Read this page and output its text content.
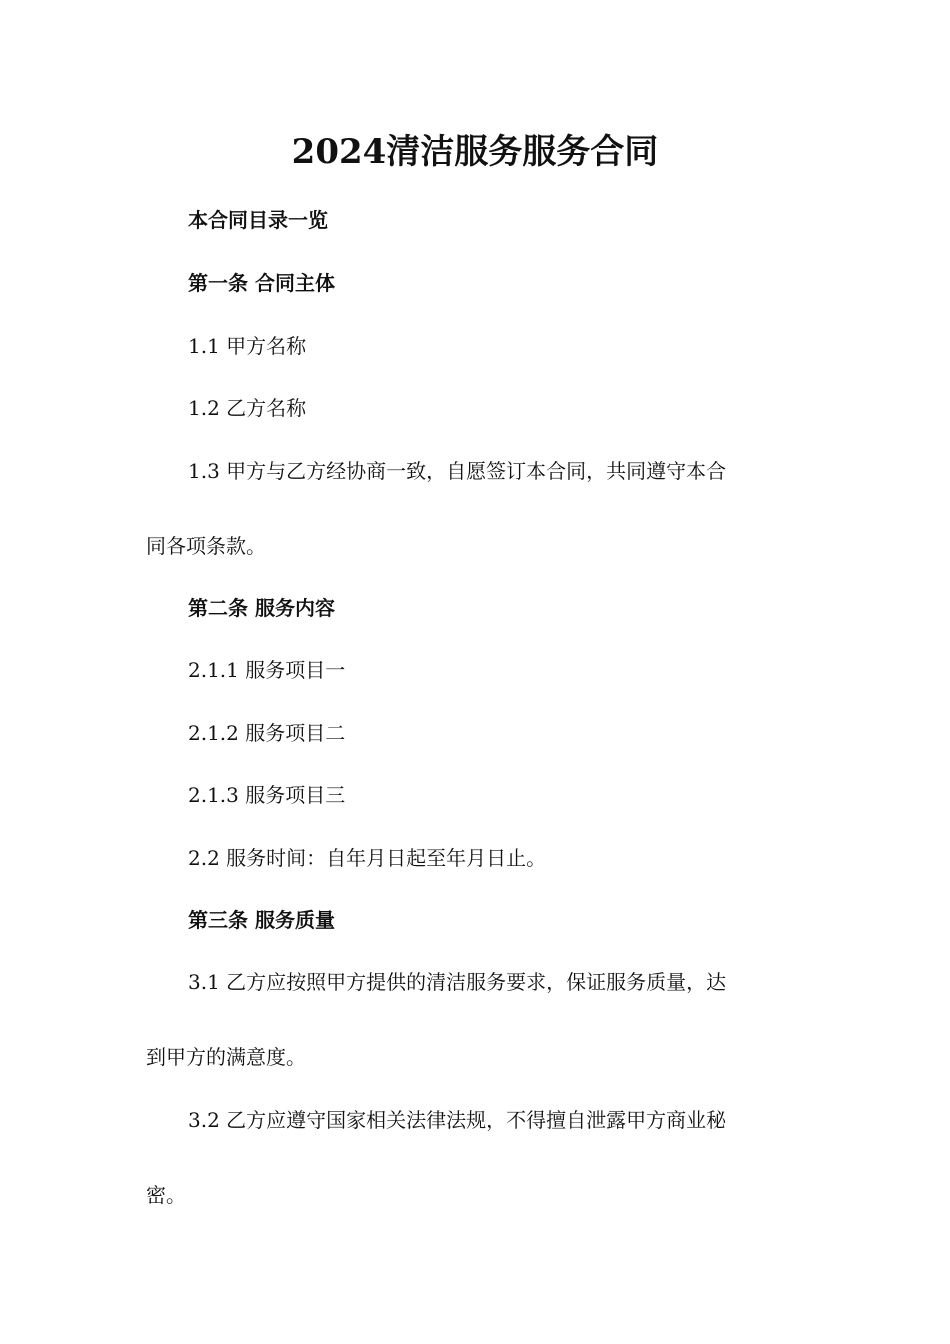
2024清洁服务服务合同
本合同目录一览
第一条 合同主体
1.1 甲方名称
1.2 乙方名称
1.3 甲方与乙方经协商一致，自愿签订本合同，共同遵守本合
同各项条款。
第二条 服务内容
2.1.1 服务项目一
2.1.2 服务项目二
2.1.3 服务项目三
2.2 服务时间：自年月日起至年月日止。
第三条 服务质量
3.1 乙方应按照甲方提供的清洁服务要求，保证服务质量，达
到甲方的满意度。
3.2 乙方应遵守国家相关法律法规，不得擅自泄露甲方商业秘
密。
